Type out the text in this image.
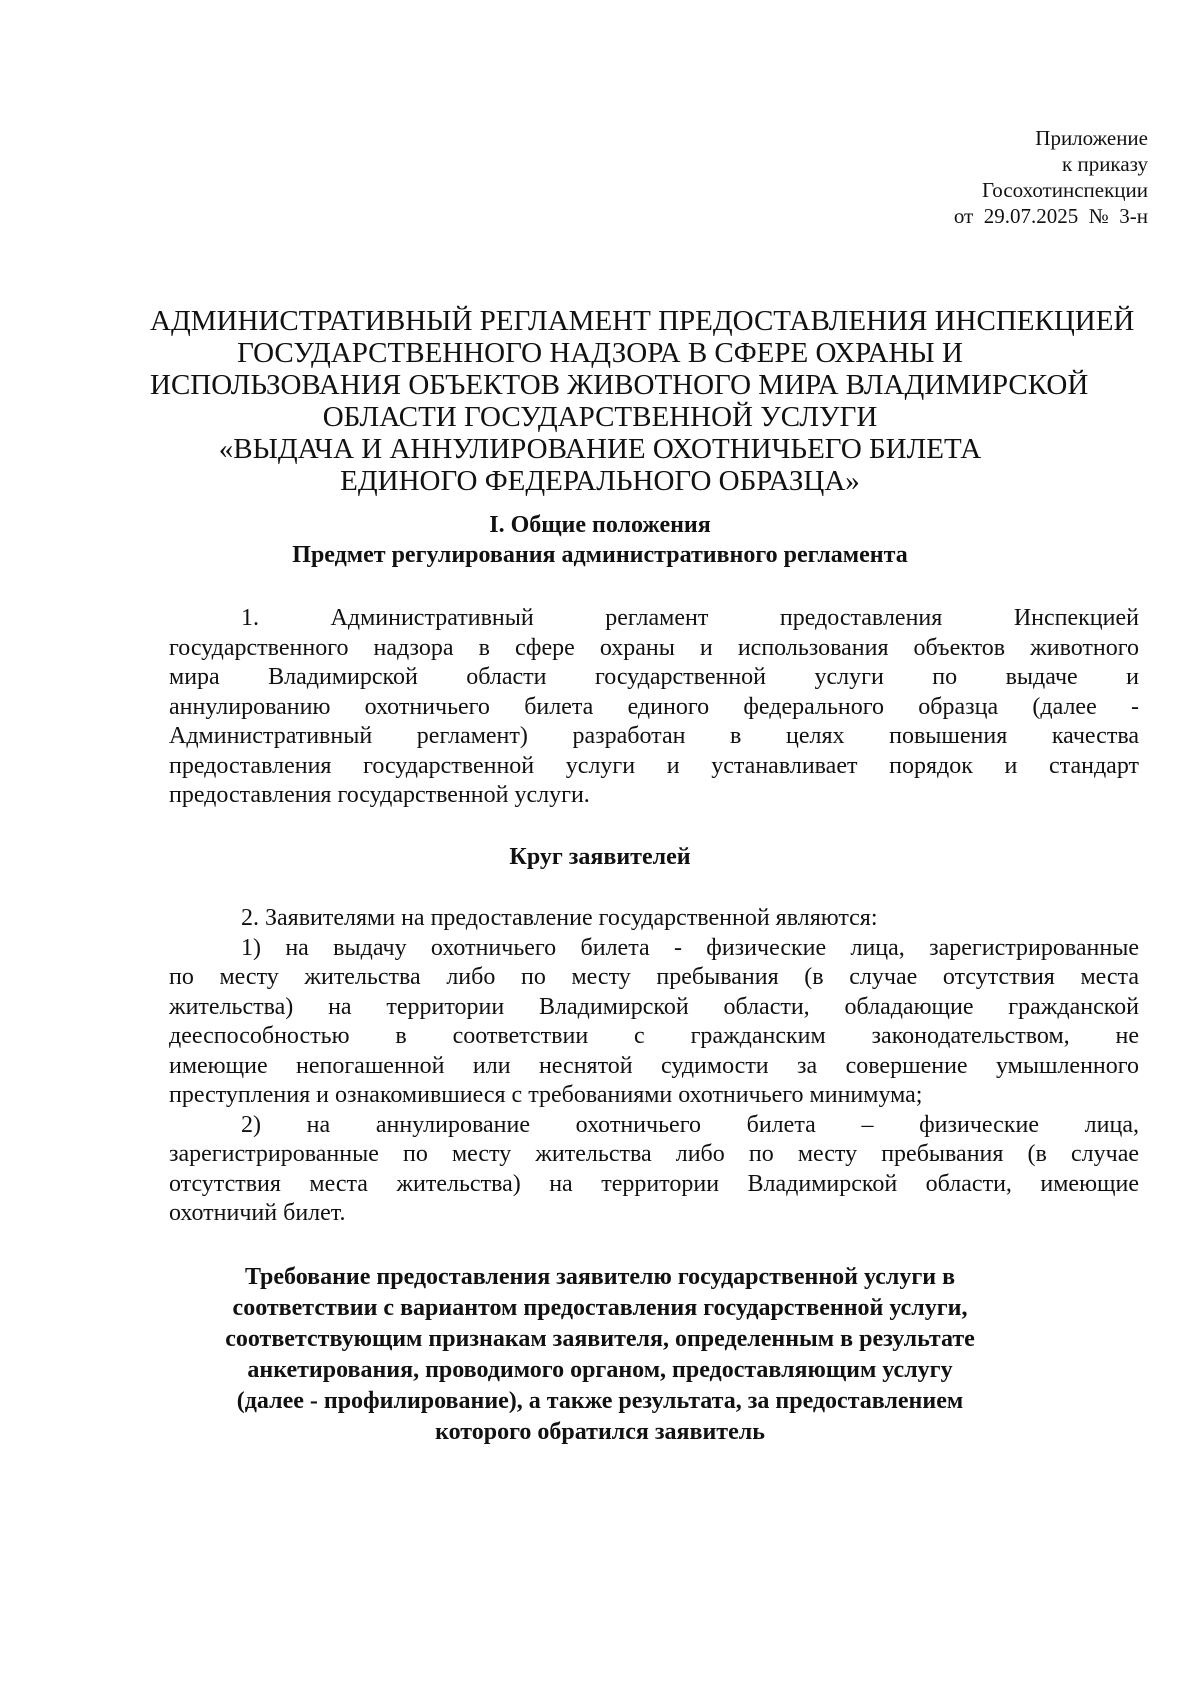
Приложение
к приказу
Госохотинспекции
от  29.07.2025  №  3-н
АДМИНИСТРАТИВНЫЙ РЕГЛАМЕНТ ПРЕДОСТАВЛЕНИЯ ИНСПЕКЦИЕЙ
ГОСУДАРСТВЕННОГО НАДЗОРА В СФЕРЕ ОХРАНЫ И
ИСПОЛЬЗОВАНИЯ ОБЪЕКТОВ ЖИВОТНОГО МИРА ВЛАДИМИРСКОЙ
ОБЛАСТИ ГОСУДАРСТВЕННОЙ УСЛУГИ
«ВЫДАЧА И АННУЛИРОВАНИЕ ОХОТНИЧЬЕГО БИЛЕТА
ЕДИНОГО ФЕДЕРАЛЬНОГО ОБРАЗЦА»
I. Общие положения
Предмет регулирования административного регламента
1. Административный регламент предоставления Инспекцией
государственного надзора в сфере охраны и использования объектов животного
мира Владимирской области государственной услуги по выдаче и
аннулированию охотничьего билета единого федерального образца (далее -
Административный регламент) разработан в целях повышения качества
предоставления государственной услуги и устанавливает порядок и стандарт
предоставления государственной услуги.
Круг заявителей
2. Заявителями на предоставление государственной являются:
1) на выдачу охотничьего билета - физические лица, зарегистрированные
по месту жительства либо по месту пребывания (в случае отсутствия места
жительства) на территории Владимирской области, обладающие гражданской
дееспособностью в соответствии с гражданским законодательством, не
имеющие непогашенной или неснятой судимости за совершение умышленного
преступления и ознакомившиеся с требованиями охотничьего минимума;
2) на аннулирование охотничьего билета – физические лица,
зарегистрированные по месту жительства либо по месту пребывания (в случае
отсутствия места жительства) на территории Владимирской области, имеющие
охотничий билет.
Требование предоставления заявителю государственной услуги в
соответствии с вариантом предоставления государственной услуги,
соответствующим признакам заявителя, определенным в результате
анкетирования, проводимого органом, предоставляющим услугу
(далее - профилирование), а также результата, за предоставлением
которого обратился заявитель
